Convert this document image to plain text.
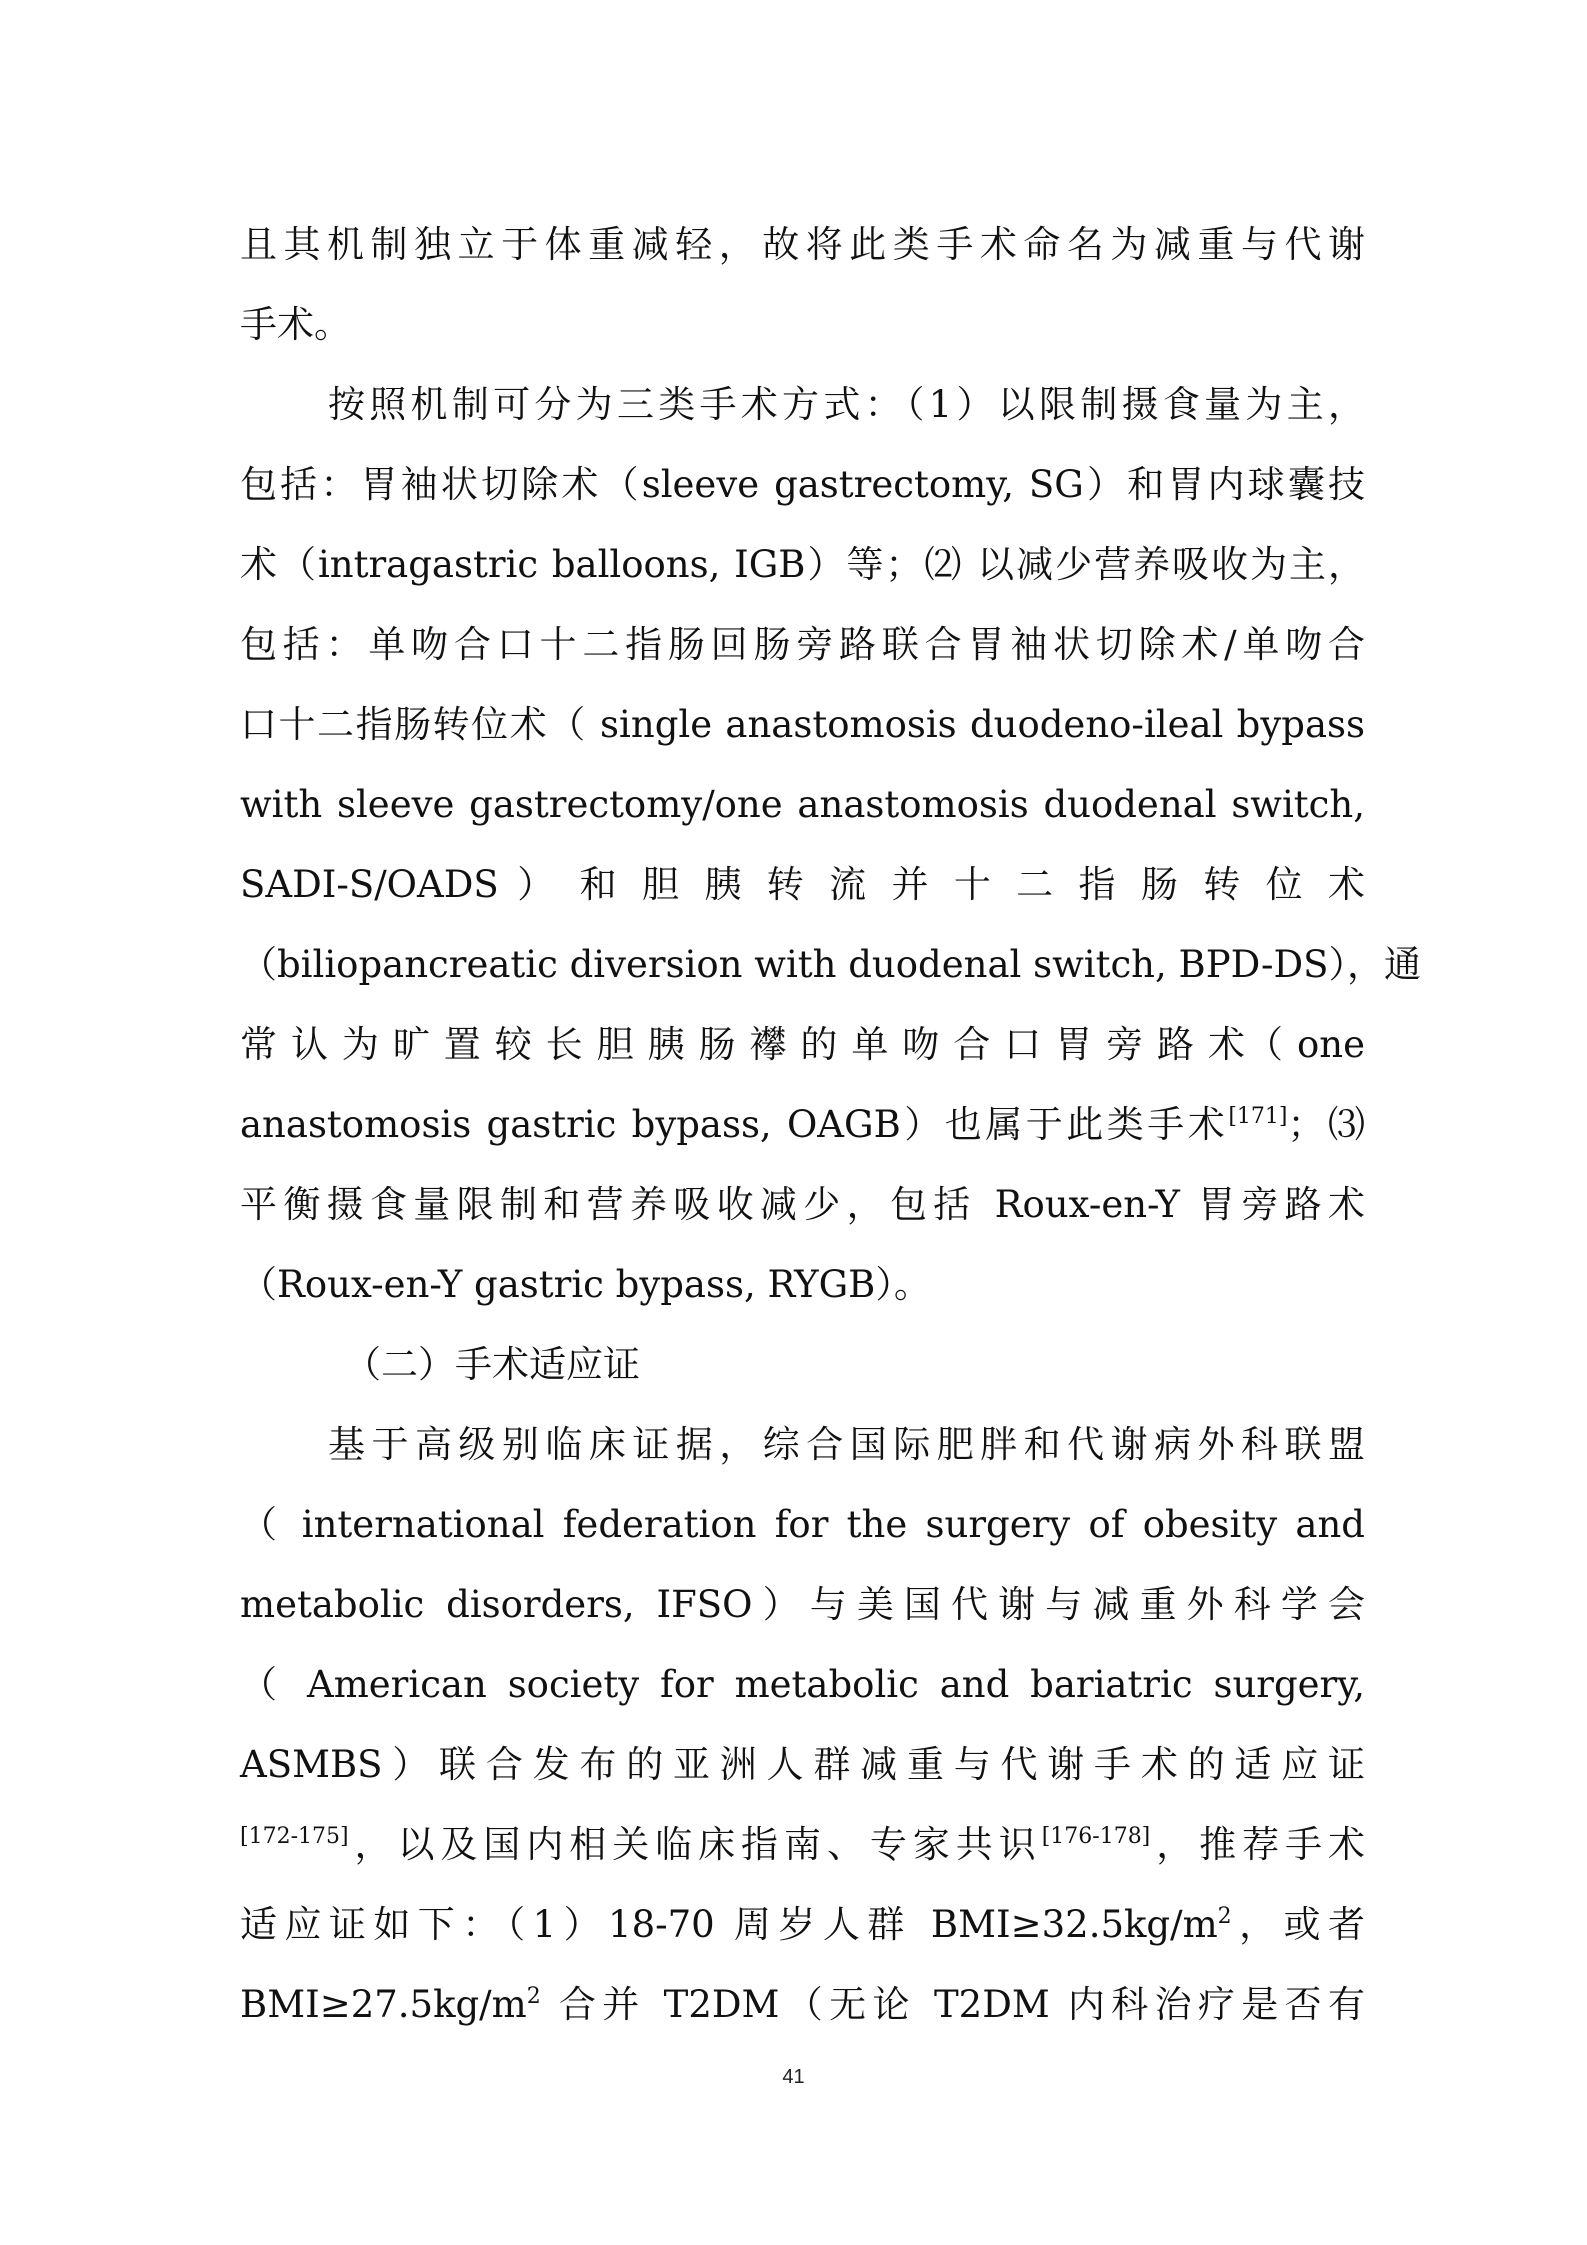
且其机制独立于体重减轻，故将此类手术命名为减重与代谢
手术。
按照机制可分为三类手术方式：（1）以限制摄食量为主，
包括：胃袖状切除术（sleeve gastrectomy, SG）和胃内球囊技
术（intragastric balloons, IGB）等；⑵ 以减少营养吸收为主，
包括：单吻合口十二指肠回肠旁路联合胃袖状切除术/单吻合
口十二指肠转位术（ single anastomosis duodeno-ileal bypass
with sleeve gastrectomy/one anastomosis duodenal switch,
SADI-S/OADS ） 和 胆 胰 转 流 并 十 二 指 肠 转 位 术
（biliopancreatic diversion with duodenal switch, BPD-DS），通
常 认 为 旷 置 较 长 胆 胰 肠 襻 的 单 吻 合 口 胃 旁 路 术（ one
anastomosis gastric bypass, OAGB）也属于此类手术[171]；⑶
平衡摄食量限制和营养吸收减少，包括 Roux-en-Y 胃旁路术
（Roux-en-Y gastric bypass, RYGB）。
（二）手术适应证
基于高级别临床证据，综合国际肥胖和代谢病外科联盟
（ international federation for the surgery of obesity and
metabolic disorders, IFSO）与美国代谢与减重外科学会
（ American society for metabolic and bariatric surgery,
ASMBS）联合发布的亚洲人群减重与代谢手术的适应证
[172-175]，以及国内相关临床指南、专家共识[176-178]，推荐手术
适应证如下：（1）18-70 周岁人群 $BMI\ge 32.5kg/m^2$，或者
$BMI\ge 27.5kg/m^2$ 合并 T2DM（无论 T2DM 内科治疗是否有
41
